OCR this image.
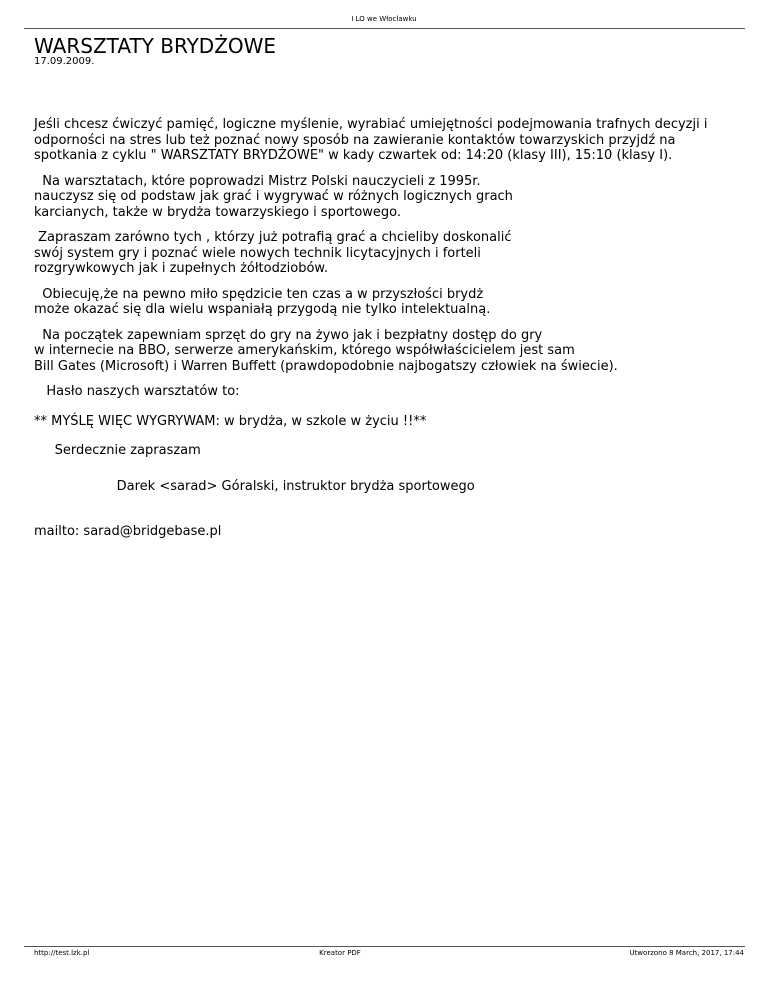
I LO we Włocławku
WARSZTATY BRYDŻOWE
17.09.2009.

Jeśli chcesz ćwiczyć pamięć, logiczne myślenie, wyrabiać umiejętności podejmowania trafnych decyzji i

odporności na stres lub też poznać nowy sposób na zawieranie kontaktów towarzyskich przyjdź na

spotkania z cyklu " WARSZTATY BRYDŻOWE" w kady czwartek od: 14:20 (klasy III), 15:10 (klasy I).

Na warsztatach, które poprowadzi Mistrz Polski nauczycieli z 1995r.

nauczysz się od podstaw jak grać i wygrywać w różnych logicznych grach

karcianych, także w brydża towarzyskiego i sportowego.

Zapraszam zarówno tych , którzy już potrafią grać a chcieliby doskonalić

swój system gry i poznać wiele nowych technik licytacyjnych i forteli

rozgrywkowych jak i zupełnych żółtodziobów.

Obiecuję,że na pewno miło spędzicie ten czas a w przyszłości brydż

może okazać się dla wielu wspaniałą przygodą nie tylko intelektualną.

Na początek zapewniam sprzęt do gry na żywo jak i bezpłatny dostęp do gry

w internecie na BBO, serwerze amerykańskim, którego współwłaścicielem jest sam

Bill Gates (Microsoft) i Warren Buffett (prawdopodobnie najbogatszy człowiek na świecie).

Hasło naszych warsztatów to:

** MYŚLĘ WIĘC WYGRYWAM: w brydża, w szkole w życiu !!**

Serdecznie zapraszam

Darek <sarad> Góralski, instruktor brydża sportowego

mailto: sarad@bridgebase.pl

http://test.lzk.pl	Kreator PDF	Utworzono 8 March, 2017, 17:44
